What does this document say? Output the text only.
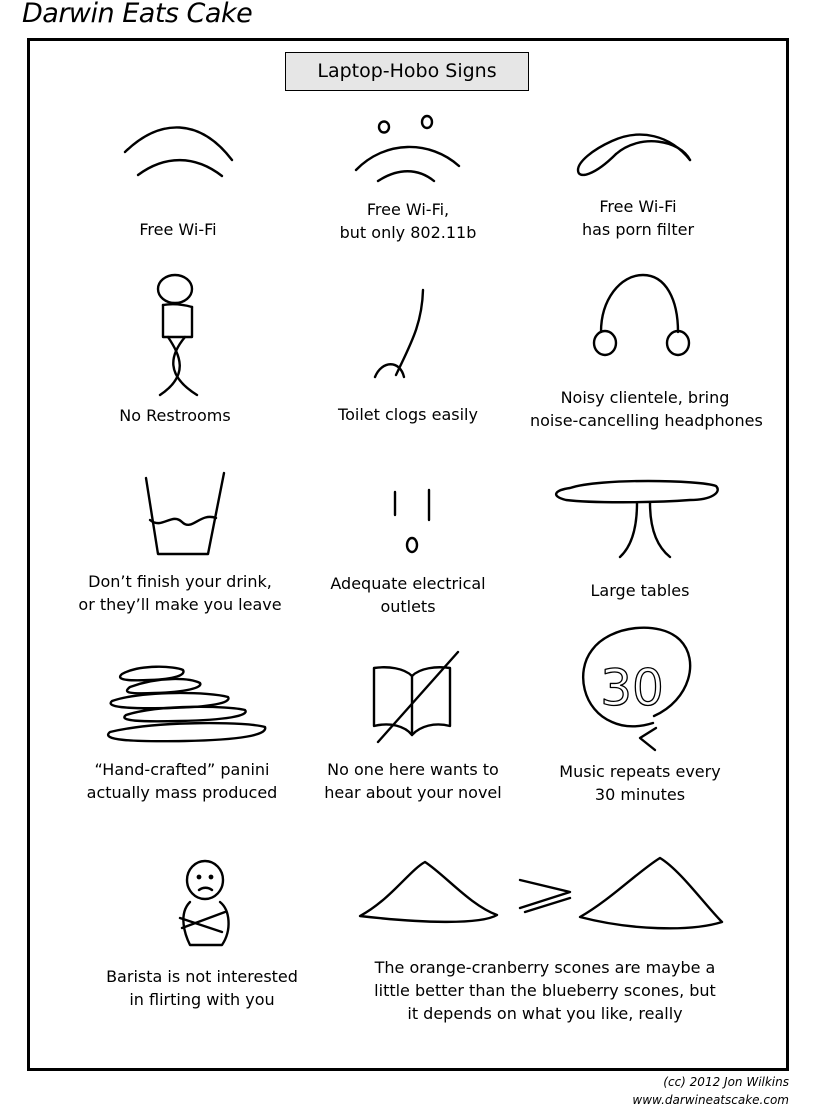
Darwin Eats Cake
Laptop-Hobo Signs
30
Free Wi-Fi
Free Wi-Fi,
but only 802.11b
Free Wi-Fi
has porn filter
No Restrooms	Toilet clogs easily
Noisy clientele, bring
noise-cancelling headphones
Don’t finish your drink,
or they’ll make you leave
Adequate electrical
outlets
Large tables
“Hand-crafted” panini
actually mass produced
No one here wants to
hear about your novel
Music repeats every
30 minutes
Barista is not interested
in flirting with you
The orange-cranberry scones are maybe a
little better than the blueberry scones, but
it depends on what you like, really
(cc) 2012 Jon Wilkins
www.darwineatscake.com
